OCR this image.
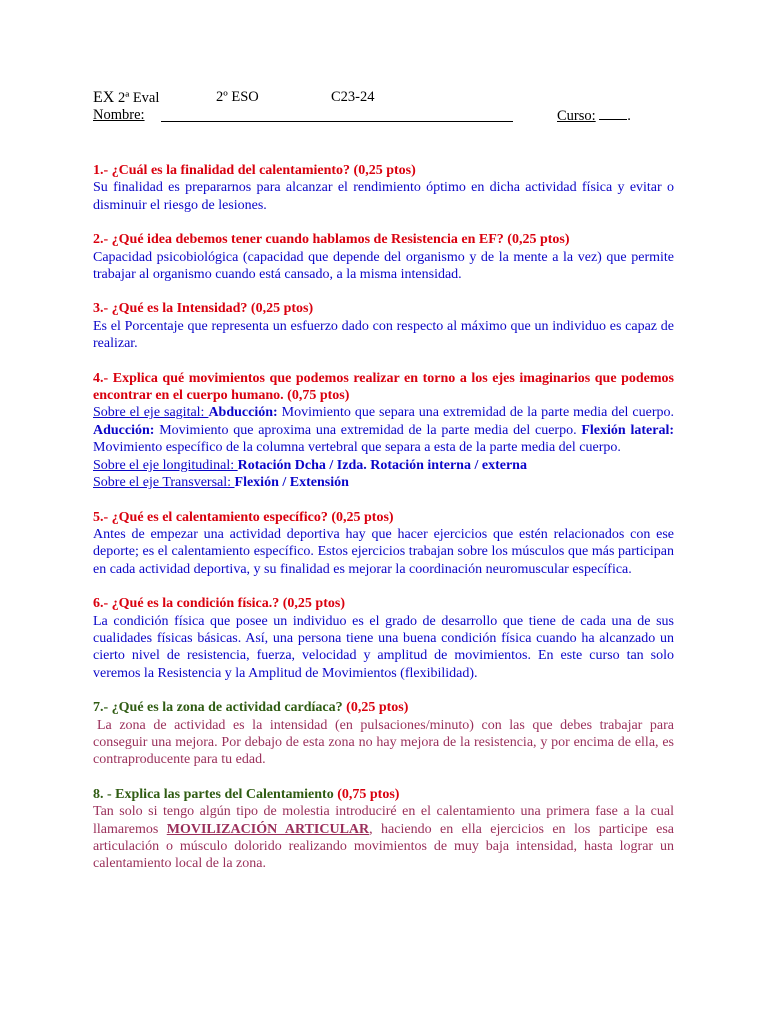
EX 2ª Eval	2º ESO	C23-24
Nombre:	Curso: .
1.- ¿Cuál es la finalidad del calentamiento? (0,25 ptos)
Su finalidad es prepararnos para alcanzar el rendimiento óptimo en dicha actividad física y evitar o disminuir el riesgo de lesiones.
2.- ¿Qué idea debemos tener cuando hablamos de Resistencia en EF? (0,25 ptos)
Capacidad psicobiológica (capacidad que depende del organismo y de la mente a la vez) que permite trabajar al organismo cuando está cansado, a la misma intensidad.
3.- ¿Qué es la Intensidad? (0,25 ptos)
Es el Porcentaje que representa un esfuerzo dado con respecto al máximo que un individuo es capaz de realizar.
4.- Explica qué movimientos que podemos realizar en torno a los ejes imaginarios que podemos encontrar en el cuerpo humano. (0,75 ptos)
Sobre el eje sagital: Abducción: Movimiento que separa una extremidad de la parte media del cuerpo. Aducción: Movimiento que aproxima una extremidad de la parte media del cuerpo. Flexión lateral: Movimiento específico de la columna vertebral que separa a esta de la parte media del cuerpo.
Sobre el eje longitudinal: Rotación Dcha / Izda. Rotación interna / externa
Sobre el eje Transversal: Flexión / Extensión
5.- ¿Qué es el calentamiento específico? (0,25 ptos)
Antes de empezar una actividad deportiva hay que hacer ejercicios que estén relacionados con ese deporte; es el calentamiento específico. Estos ejercicios trabajan sobre los músculos que más participan en cada actividad deportiva, y su finalidad es mejorar la coordinación neuromuscular específica.
6.- ¿Qué es la condición física.? (0,25 ptos)
La condición física que posee un individuo es el grado de desarrollo que tiene de cada una de sus cualidades físicas básicas. Así, una persona tiene una buena condición física cuando ha alcanzado un cierto nivel de resistencia, fuerza, velocidad y amplitud de movimientos. En este curso tan solo veremos la Resistencia y la Amplitud de Movimientos (flexibilidad).
7.- ¿Qué es la zona de actividad cardíaca? (0,25 ptos)
La zona de actividad es la intensidad (en pulsaciones/minuto) con las que debes trabajar para conseguir una mejora. Por debajo de esta zona no hay mejora de la resistencia, y por encima de ella, es contraproducente para tu edad.
8. - Explica las partes del Calentamiento (0,75 ptos)
Tan solo si tengo algún tipo de molestia introduciré en el calentamiento una primera fase a la cual llamaremos MOVILIZACIÓN ARTICULAR, haciendo en ella ejercicios en los participe esa articulación o músculo dolorido realizando movimientos de muy baja intensidad, hasta lograr un calentamiento local de la zona.
